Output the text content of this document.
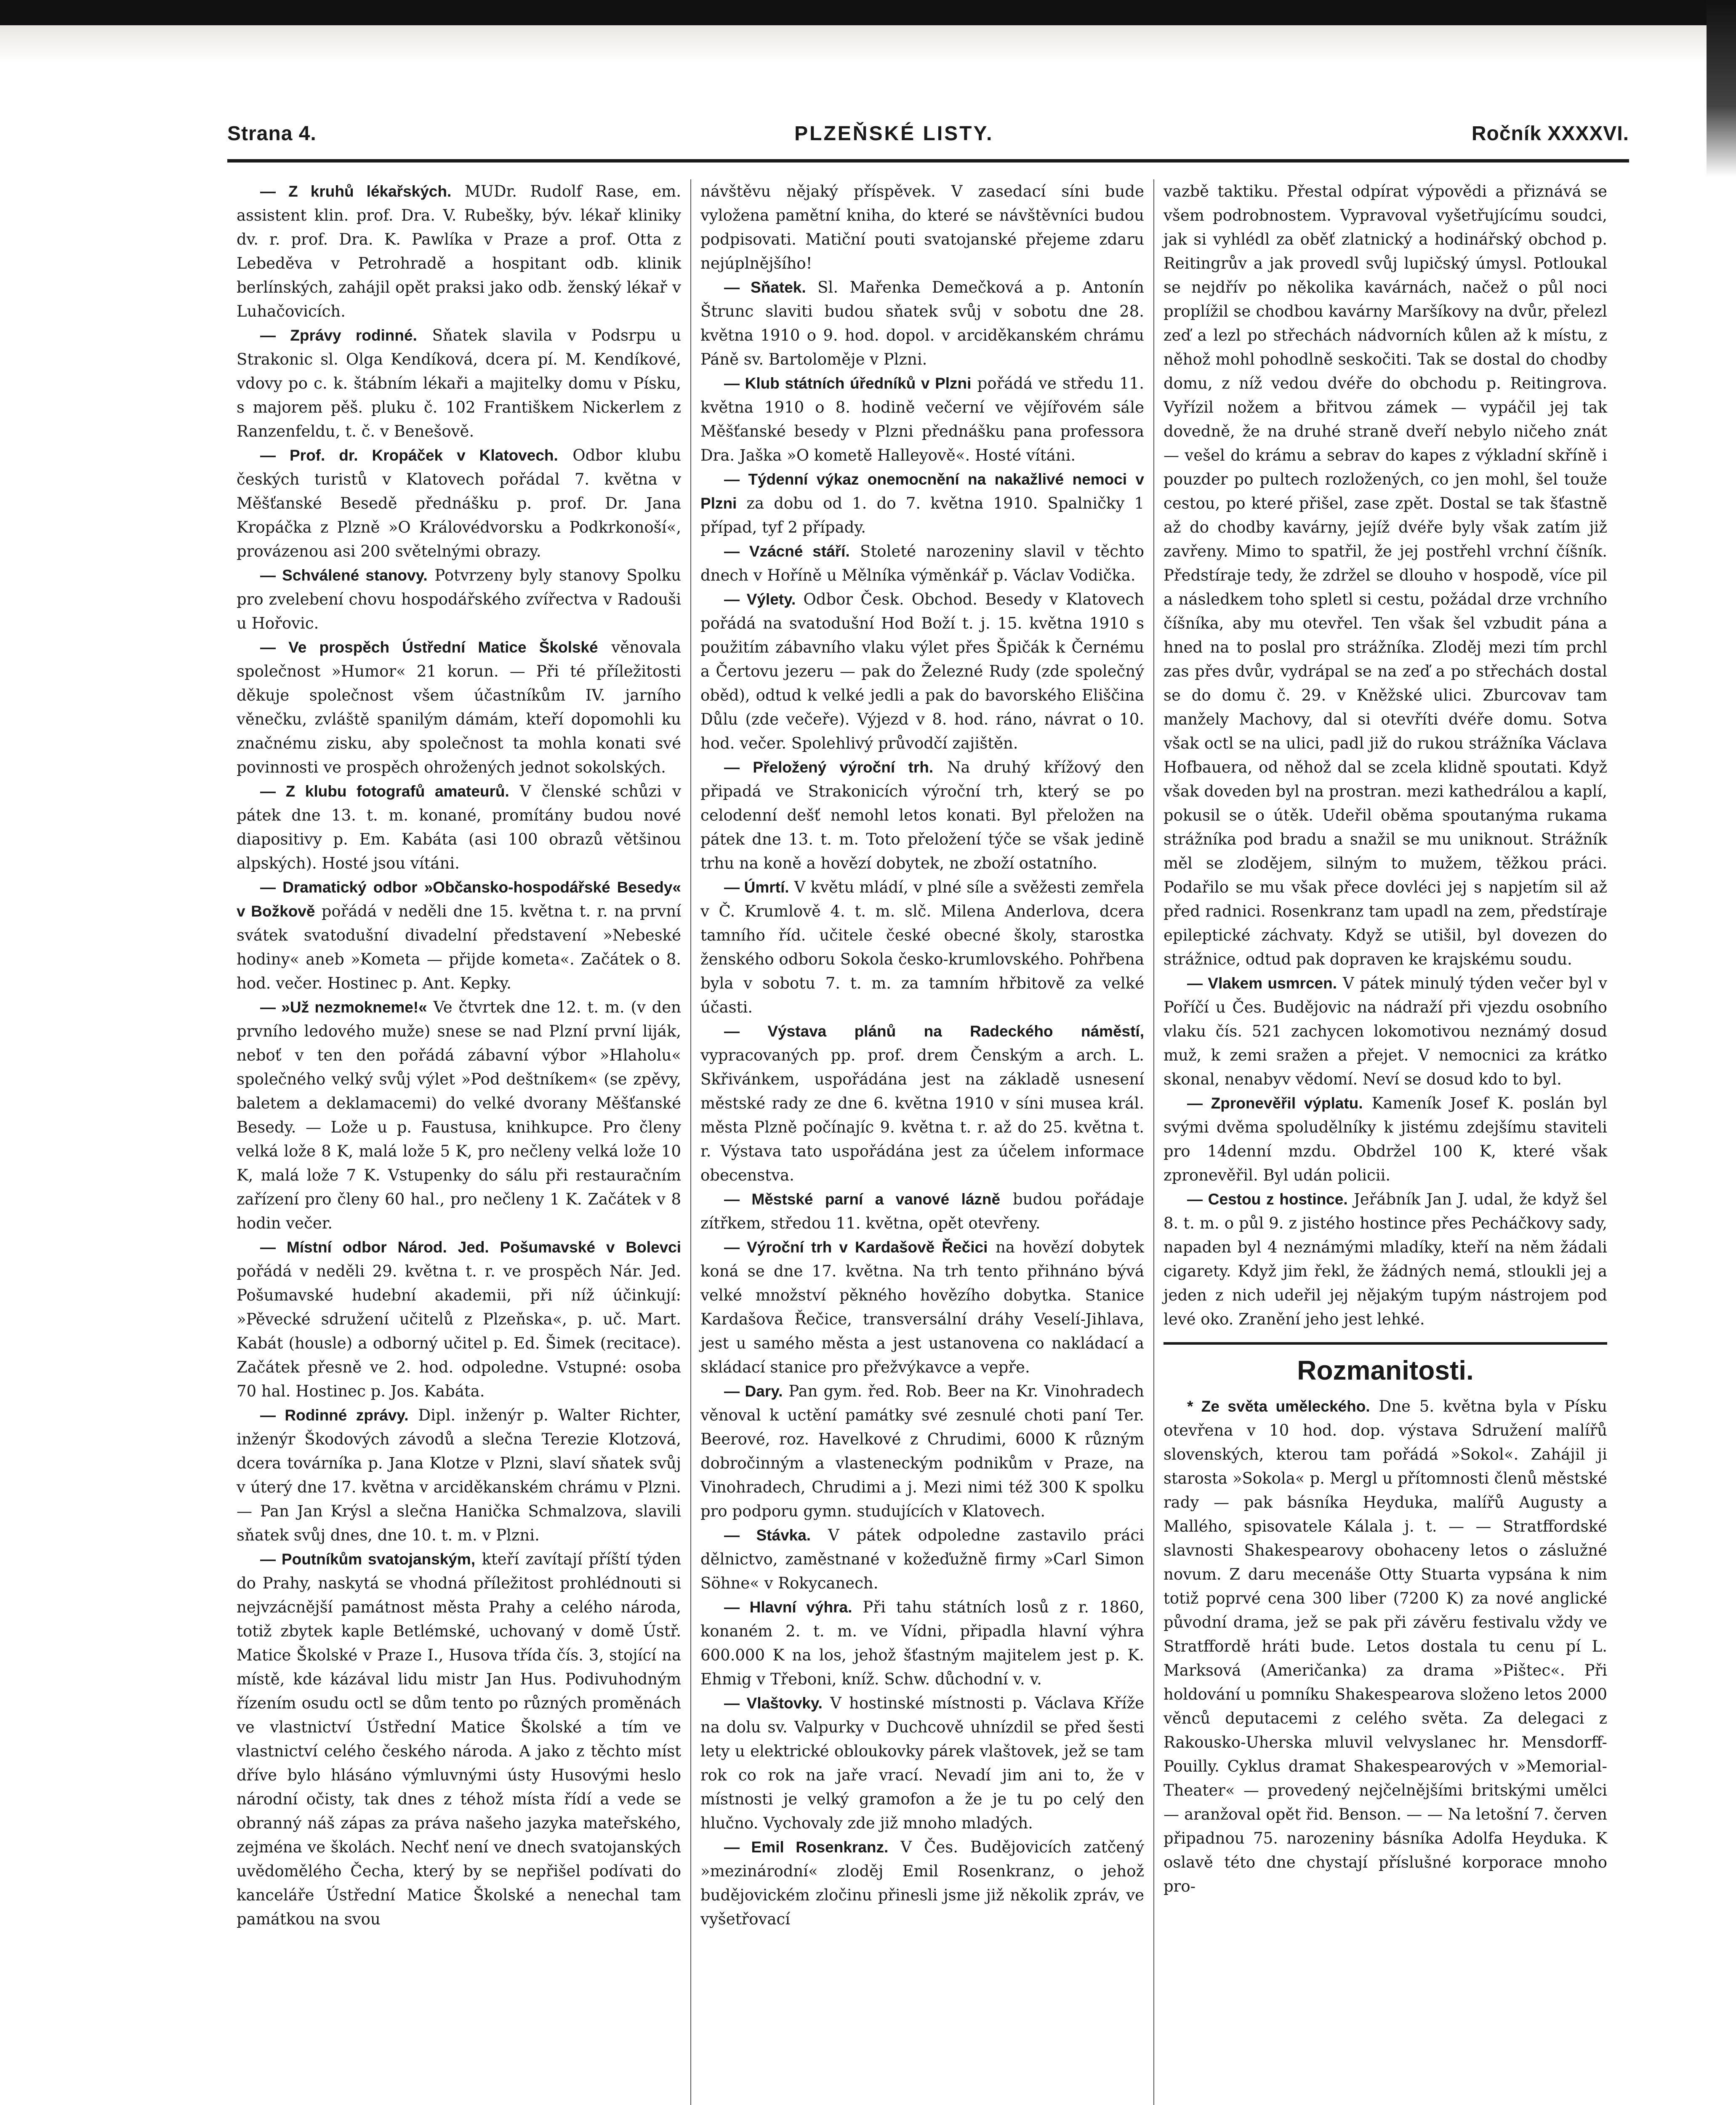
Strana 4.	PLZEŇSKÉ LISTY.	Ročník XXXXVI.

— Z kruhů lékařských. MUDr. Rudolf Rase, em. assistent klin. prof. Dra. V. Rubešky, býv. lékař kliniky dv. r. prof. Dra. K. Pawlíka v Praze a prof. Otta z Lebeděva v Petrohradě a hospitant odb. klinik berlínských, zahájil opět praksi jako odb. ženský lékař v Luhačovicích.

— Zprávy rodinné. Sňatek slavila v Podsrpu u Strakonic sl. Olga Kendíková, dcera pí. M. Kendíkové, vdovy po c. k. štábním lékaři a majitelky domu v Písku, s majorem pěš. pluku č. 102 Františkem Nickerlem z Ranzenfeldu, t. č. v Benešově.

— Prof. dr. Kropáček v Klatovech. Odbor klubu českých turistů v Klatovech pořádal 7. května v Měšťanské Besedě přednášku p. prof. Dr. Jana Kropáčka z Plzně »O Královédvorsku a Podkrkonoší«, provázenou asi 200 světelnými obrazy.

— Schválené stanovy. Potvrzeny byly stanovy Spolku pro zvelebení chovu hospodářského zvířectva v Radouši u Hořovic.

— Ve prospěch Ústřední Matice Školské věnovala společnost »Humor« 21 korun. — Při té příležitosti děkuje společnost všem účastníkům IV. jarního věnečku, zvláště spanilým dámám, kteří dopomohli ku značnému zisku, aby společnost ta mohla konati své povinnosti ve prospěch ohrožených jednot sokolských.

— Z klubu fotografů amateurů. V členské schůzi v pátek dne 13. t. m. konané, promítány budou nové diapositivy p. Em. Kabáta (asi 100 obrazů většinou alpských). Hosté jsou vítáni.

— Dramatický odbor »Občansko-hospodářské Besedy« v Božkově pořádá v neděli dne 15. května t. r. na první svátek svatodušní divadelní představení »Nebeské hodiny« aneb »Kometa — přijde kometa«. Začátek o 8. hod. večer. Hostinec p. Ant. Kepky.

— »Už nezmokneme!« Ve čtvrtek dne 12. t. m. (v den prvního ledového muže) snese se nad Plzní první liják, neboť v ten den pořádá zábavní výbor »Hlaholu« společného velký svůj výlet »Pod deštníkem« (se zpěvy, baletem a deklamacemi) do velké dvorany Měšťanské Besedy. — Lože u p. Faustusa, knihkupce. Pro členy velká lože 8 K, malá lože 5 K, pro nečleny velká lože 10 K, malá lože 7 K. Vstupenky do sálu při restauračním zařízení pro členy 60 hal., pro nečleny 1 K. Začátek v 8 hodin večer.

— Místní odbor Národ. Jed. Pošumavské v Bolevci pořádá v neděli 29. května t. r. ve prospěch Nár. Jed. Pošumavské hudební akademii, při níž účinkují: »Pěvecké sdružení učitelů z Plzeňska«, p. uč. Mart. Kabát (housle) a odborný učitel p. Ed. Šimek (recitace). Začátek přesně ve 2. hod. odpoledne. Vstupné: osoba 70 hal. Hostinec p. Jos. Kabáta.

— Rodinné zprávy. Dipl. inženýr p. Walter Richter, inženýr Škodových závodů a slečna Terezie Klotzová, dcera továrníka p. Jana Klotze v Plzni, slaví sňatek svůj v úterý dne 17. května v arciděkanském chrámu v Plzni. — Pan Jan Krýsl a slečna Hanička Schmalzova, slavili sňatek svůj dnes, dne 10. t. m. v Plzni.

— Poutníkům svatojanským, kteří zavítají příští týden do Prahy, naskytá se vhodná příležitost prohlédnouti si nejvzácnější památnost města Prahy a celého národa, totiž zbytek kaple Betlémské, uchovaný v domě Ústř. Matice Školské v Praze I., Husova třída čís. 3, stojící na místě, kde kázával lidu mistr Jan Hus. Podivuhodným řízením osudu octl se dům tento po různých proměnách ve vlastnictví Ústřední Matice Školské a tím ve vlastnictví celého českého národa. A jako z těchto míst dříve bylo hlásáno výmluvnými ústy Husovými heslo národní očisty, tak dnes z téhož místa řídí a vede se obranný náš zápas za práva našeho jazyka mateřského, zejména ve školách. Nechť není ve dnech svatojanských uvědomělého Čecha, který by se nepřišel podívati do kanceláře Ústřední Matice Školské a nenechal tam památkou na svou

návštěvu nějaký příspěvek. V zasedací síni bude vyložena pamětní kniha, do které se návštěvníci budou podpisovati. Matiční pouti svatojanské přejeme zdaru nejúplnějšího!

— Sňatek. Sl. Mařenka Demečková a p. Antonín Štrunc slaviti budou sňatek svůj v sobotu dne 28. května 1910 o 9. hod. dopol. v arciděkanském chrámu Páně sv. Bartoloměje v Plzni.

— Klub státních úředníků v Plzni pořádá ve středu 11. května 1910 o 8. hodině večerní ve vějířovém sále Měšťanské besedy v Plzni přednášku pana professora Dra. Jaška »O kometě Halleyově«. Hosté vítáni.

— Týdenní výkaz onemocnění na nakažlivé nemoci v Plzni za dobu od 1. do 7. května 1910. Spalničky 1 případ, tyf 2 případy.

— Vzácné stáří. Stoleté narozeniny slavil v těchto dnech v Hoříně u Mělníka výměnkář p. Václav Vodička.

— Výlety. Odbor Česk. Obchod. Besedy v Klatovech pořádá na svatodušní Hod Boží t. j. 15. května 1910 s použitím zábavního vlaku výlet přes Špičák k Černému a Čertovu jezeru — pak do Železné Rudy (zde společný oběd), odtud k velké jedli a pak do bavorského Eliščina Důlu (zde večeře). Výjezd v 8. hod. ráno, návrat o 10. hod. večer. Spolehlivý průvodčí zajištěn.

— Přeložený výroční trh. Na druhý křížový den připadá ve Strakonicích výroční trh, který se po celodenní dešť nemohl letos konati. Byl přeložen na pátek dne 13. t. m. Toto přeložení týče se však jedině trhu na koně a hovězí dobytek, ne zboží ostatního.

— Úmrtí. V květu mládí, v plné síle a svěžesti zemřela v Č. Krumlově 4. t. m. slč. Milena Anderlova, dcera tamního říd. učitele české obecné školy, starostka ženského odboru Sokola česko-krumlovského. Pohřbena byla v sobotu 7. t. m. za tamním hřbitově za velké účasti.

— Výstava plánů na Radeckého náměstí, vypracovaných pp. prof. drem Čenským a arch. L. Skřivánkem, uspořádána jest na základě usnesení městské rady ze dne 6. května 1910 v síni musea král. města Plzně počínajíc 9. května t. r. až do 25. května t. r. Výstava tato uspořádána jest za účelem informace obecenstva.

— Městské parní a vanové lázně budou pořádaje zítřkem, středou 11. května, opět otevřeny.

— Výroční trh v Kardašově Řečici na hovězí dobytek koná se dne 17. května. Na trh tento přihnáno bývá velké množství pěkného hovězího dobytka. Stanice Kardašova Řečice, transversální dráhy Veselí-Jihlava, jest u samého města a jest ustanovena co nakládací a skládací stanice pro přežvýkavce a vepře.

— Dary. Pan gym. řed. Rob. Beer na Kr. Vinohradech věnoval k uctění památky své zesnulé choti paní Ter. Beerové, roz. Havelkové z Chrudimi, 6000 K různým dobročinným a vlasteneckým podnikům v Praze, na Vinohradech, Chrudimi a j. Mezi nimi též 300 K spolku pro podporu gymn. studujících v Klatovech.

— Stávka. V pátek odpoledne zastavilo práci dělnictvo, zaměstnané v kožeďužně firmy »Carl Simon Söhne« v Rokycanech.

— Hlavní výhra. Při tahu státních losů z r. 1860, konaném 2. t. m. ve Vídni, připadla hlavní výhra 600.000 K na los, jehož šťastným majitelem jest p. K. Ehmig v Třeboni, kníž. Schw. důchodní v. v.

— Vlaštovky. V hostinské místnosti p. Václava Kříže na dolu sv. Valpurky v Duchcově uhnízdil se před šesti lety u elektrické obloukovky párek vlaštovek, jež se tam rok co rok na jaře vrací. Nevadí jim ani to, že v místnosti je velký gramofon a že je tu po celý den hlučno. Vychovaly zde již mnoho mladých.

— Emil Rosenkranz. V Čes. Budějovicích zatčený »mezinárodní« zloděj Emil Rosenkranz, o jehož budějovickém zločinu přinesli jsme již několik zpráv, ve vyšetřovací

vazbě taktiku. Přestal odpírat výpovědi a přiznává se všem podrobnostem. Vypravoval vyšetřujícímu soudci, jak si vyhlédl za oběť zlatnický a hodinářský obchod p. Reitingrův a jak provedl svůj lupičský úmysl. Potloukal se nejdřív po několika kavárnách, načež o půl noci proplížil se chodbou kavárny Maršíkovy na dvůr, přelezl zeď a lezl po střechách nádvorních kůlen až k místu, z něhož mohl pohodlně seskočiti. Tak se dostal do chodby domu, z níž vedou dvéře do obchodu p. Reitingrova. Vyřízil nožem a břitvou zámek — vypáčil jej tak dovedně, že na druhé straně dveří nebylo ničeho znát — vešel do krámu a sebrav do kapes z výkladní skříně i pouzder po pultech rozložených, co jen mohl, šel touže cestou, po které přišel, zase zpět. Dostal se tak šťastně až do chodby kavárny, jejíž dvéře byly však zatím již zavřeny. Mimo to spatřil, že jej postřehl vrchní číšník. Předstíraje tedy, že zdržel se dlouho v hospodě, více pil a následkem toho spletl si cestu, požádal drze vrchního číšníka, aby mu otevřel. Ten však šel vzbudit pána a hned na to poslal pro strážníka. Zloděj mezi tím prchl zas přes dvůr, vydrápal se na zeď a po střechách dostal se do domu č. 29. v Kněžské ulici. Zburcovav tam manžely Machovy, dal si otevříti dvéře domu. Sotva však octl se na ulici, padl již do rukou strážníka Václava Hofbauera, od něhož dal se zcela klidně spoutati. Když však doveden byl na prostran. mezi kathedrálou a kaplí, pokusil se o útěk. Udeřil oběma spoutanýma rukama strážníka pod bradu a snažil se mu uniknout. Strážník měl se zlodějem, silným to mužem, těžkou práci. Podařilo se mu však přece dovléci jej s napjetím sil až před radnici. Rosenkranz tam upadl na zem, předstíraje epileptické záchvaty. Když se utišil, byl dovezen do strážnice, odtud pak dopraven ke krajskému soudu.

— Vlakem usmrcen. V pátek minulý týden večer byl v Poříčí u Čes. Budějovic na nádraží při vjezdu osobního vlaku čís. 521 zachycen lokomotivou neznámý dosud muž, k zemi sražen a přejet. V nemocnici za krátko skonal, nenabyv vědomí. Neví se dosud kdo to byl.

— Zpronevěřil výplatu. Kameník Josef K. poslán byl svými dvěma spoludělníky k jistému zdejšímu staviteli pro 14denní mzdu. Obdržel 100 K, které však zpronevěřil. Byl udán policii.

— Cestou z hostince. Jeřábník Jan J. udal, že když šel 8. t. m. o půl 9. z jistého hostince přes Pecháčkovy sady, napaden byl 4 neznámými mladíky, kteří na něm žádali cigarety. Když jim řekl, že žádných nemá, stloukli jej a jeden z nich udeřil jej nějakým tupým nástrojem pod levé oko. Zranění jeho jest lehké.

Rozmanitosti.

* Ze světa uměleckého. Dne 5. května byla v Písku otevřena v 10 hod. dop. výstava Sdružení malířů slovenských, kterou tam pořádá »Sokol«. Zahájil ji starosta »Sokola« p. Mergl u přítomnosti členů městské rady — pak básníka Heyduka, malířů Augusty a Mallého, spisovatele Kálala j. t. — — Stratffordské slavnosti Shakespearovy obohaceny letos o záslužné novum. Z daru mecenáše Otty Stuarta vypsána k nim totiž poprvé cena 300 liber (7200 K) za nové anglické původní drama, jež se pak při závěru festivalu vždy ve Stratffordě hráti bude. Letos dostala tu cenu pí L. Marksová (Američanka) za drama »Pištec«. Při holdování u pomníku Shakespearova složeno letos 2000 věnců deputacemi z celého světa. Za delegaci z Rakousko-Uherska mluvil velvyslanec hr. Mensdorff-Pouilly. Cyklus dramat Shakespearových v »Memorial-Theater« — provedený nejčelnějšími britskými umělci — aranžoval opět řid. Benson. — — Na letošní 7. červen připadnou 75. narozeniny básníka Adolfa Heyduka. K oslavě této dne chystají příslušné korporace mnoho pro-
